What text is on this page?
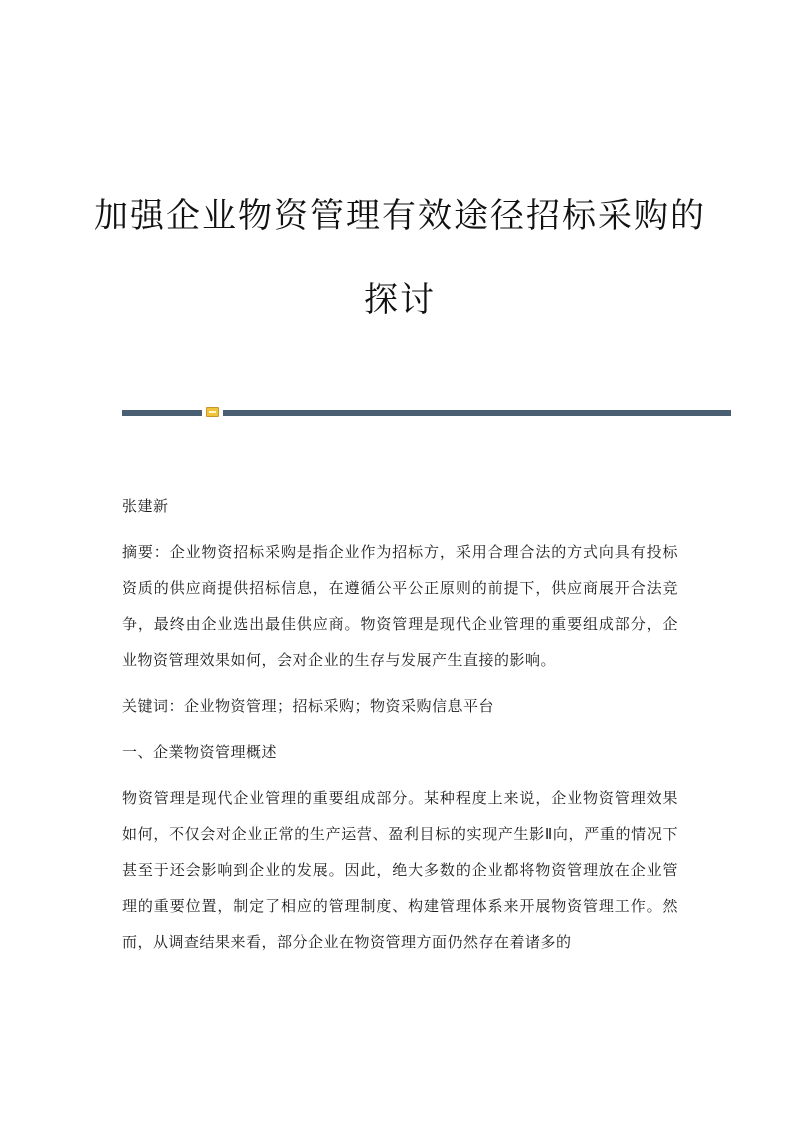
加强企业物资管理有效途径招标采购的
探讨

张建新

摘要：企业物资招标采购是指企业作为招标方，采用合理合法的方式向具有投标资质的供应商提供招标信息，在遵循公平公正原则的前提下，供应商展开合法竞争，最终由企业选出最佳供应商。物资管理是现代企业管理的重要组成部分，企业物资管理效果如何，会对企业的生存与发展产生直接的影响。

关键词：企业物资管理；招标采购；物资采购信息平台

一、企業物资管理概述

物资管理是现代企业管理的重要组成部分。某种程度上来说，企业物资管理效果如何，不仅会对企业正常的生产运营、盈利目标的实现产生影Ⅱ向，严重的情况下甚至于还会影响到企业的发展。因此，绝大多数的企业都将物资管理放在企业管理的重要位置，制定了相应的管理制度、构建管理体系来开展物资管理工作。然而，从调查结果来看，部分企业在物资管理方面仍然存在着诸多的
